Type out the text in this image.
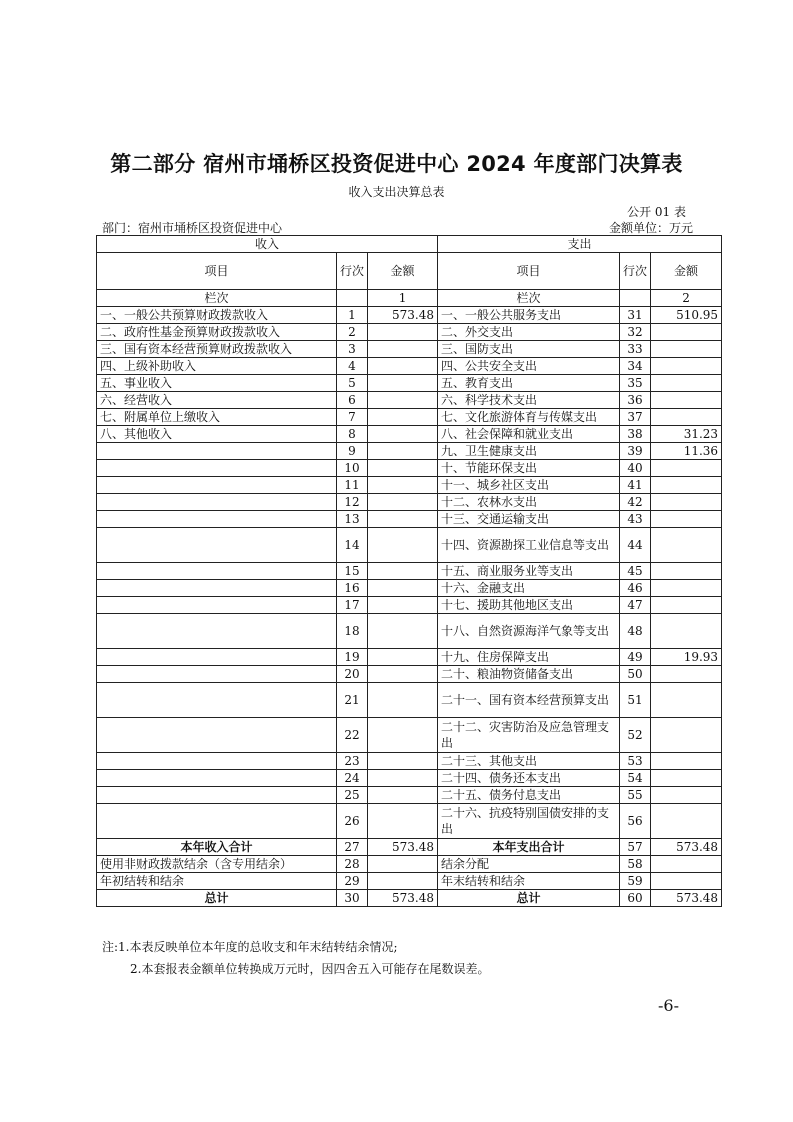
第二部分 宿州市埇桥区投资促进中心 2024 年度部门决算表
收入支出决算总表
公开 01 表
部门：宿州市埇桥区投资促进中心	金额单位：万元
收入			支出		
项目	行次	金额	项目	行次	金额
栏次		1	栏次		2
一、一般公共预算财政拨款收入	1	573.48	一、一般公共服务支出	31	510.95
二、政府性基金预算财政拨款收入	2		二、外交支出	32	
三、国有资本经营预算财政拨款收入	3		三、国防支出	33	
四、上级补助收入	4		四、公共安全支出	34	
五、事业收入	5		五、教育支出	35	
六、经营收入	6		六、科学技术支出	36	
七、附属单位上缴收入	7		七、文化旅游体育与传媒支出	37	
八、其他收入	8		八、社会保障和就业支出	38	31.23
	9		九、卫生健康支出	39	11.36
	10		十、节能环保支出	40	
	11		十一、城乡社区支出	41	
	12		十二、农林水支出	42	
	13		十三、交通运输支出	43	
	14		十四、资源勘探工业信息等支出	44	
	15		十五、商业服务业等支出	45	
	16		十六、金融支出	46	
	17		十七、援助其他地区支出	47	
	18		十八、自然资源海洋气象等支出	48	
	19		十九、住房保障支出	49	19.93
	20		二十、粮油物资储备支出	50	
	21		二十一、国有资本经营预算支出	51	
	22		二十二、灾害防治及应急管理支出	52	
	23		二十三、其他支出	53	
	24		二十四、债务还本支出	54	
	25		二十五、债务付息支出	55	
	26		二十六、抗疫特别国债安排的支出	56	
本年收入合计	27	573.48	本年支出合计	57	573.48
使用非财政拨款结余（含专用结余）	28		结余分配	58	
年初结转和结余	29		年末结转和结余	59	
总计	30	573.48	总计	60	573.48
注:1.本表反映单位本年度的总收支和年末结转结余情况;
2.本套报表金额单位转换成万元时，因四舍五入可能存在尾数误差。
-6-
